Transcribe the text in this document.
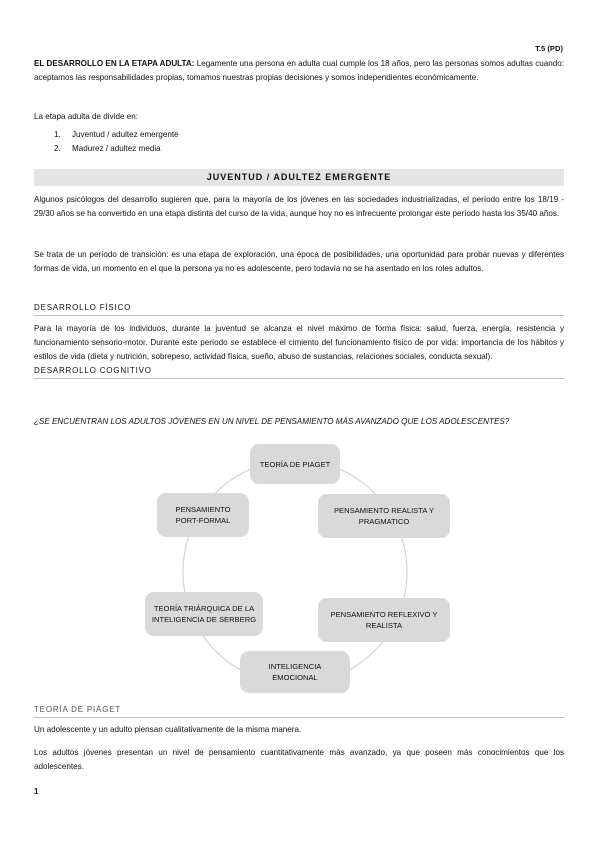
T.5 (PD)
EL DESARROLLO EN LA ETAPA ADULTA: Legamente una persona en adulta cual cumple los 18 años, pero las personas somos adultas cuando: aceptamos las responsabilidades propias, tomamos nuestras propias decisiones y somos independientes económicamente.
La etapa adulta de divide en:
1. Juventud / adultez emergente
2. Madurez / adultez media
JUVENTUD / ADULTEZ EMERGENTE
Algunos psicólogos del desarrollo sugieren que, para la mayoría de los jóvenes en las sociedades industrializadas, el período entre los 18/19 - 29/30 años se ha convertido en una etapa distinta del curso de la vida, aunque hoy no es infrecuente prolongar este período hasta los 35/40 años.
Se trata de un período de transición: es una etapa de exploración, una época de posibilidades, una oportunidad para probar nuevas y diferentes formas de vida, un momento en el que la persona ya no es adolescente, pero todavía no se ha asentado en los roles adultos.
DESARROLLO FÍSICO
Para la mayoría de los individuos, durante la juventud se alcanza el nivel máximo de forma física: salud, fuerza, energía, resistencia y funcionamiento sensorio-motor. Durante este período se establece el cimiento del funcionamiento físico de por vida: importancia de los hábitos y estilos de vida (dieta y nutrición, sobrepeso, actividad física, sueño, abuso de sustancias, relaciones sociales, conducta sexual).
DESARROLLO COGNITIVO
¿SE ENCUENTRAN LOS ADULTOS JÓVENES EN UN NIVEL DE PENSAMIENTO MÁS AVANZADO QUE LOS ADOLESCENTES?
TEORÍA DE PIAGET
PENSAMIENTO REALISTA Y PRAGMATICO
PENSAMIENTO REFLEXIVO Y REALISTA
INTELIGENCIA EMOCIONAL
TEORÍA TRIÁRQUICA DE LA INTELIGENCIA DE SERBERG
PENSAMIENTO PORT-FORMAL
TEORÍA DE PIAGET
Un adolescente y un adulto piensan cualitativamente de la misma manera.
Los adultos jóvenes presentan un nivel de pensamiento cuantitativamente más avanzado, ya que poseen más conocimientos que los adolescentes.
1
